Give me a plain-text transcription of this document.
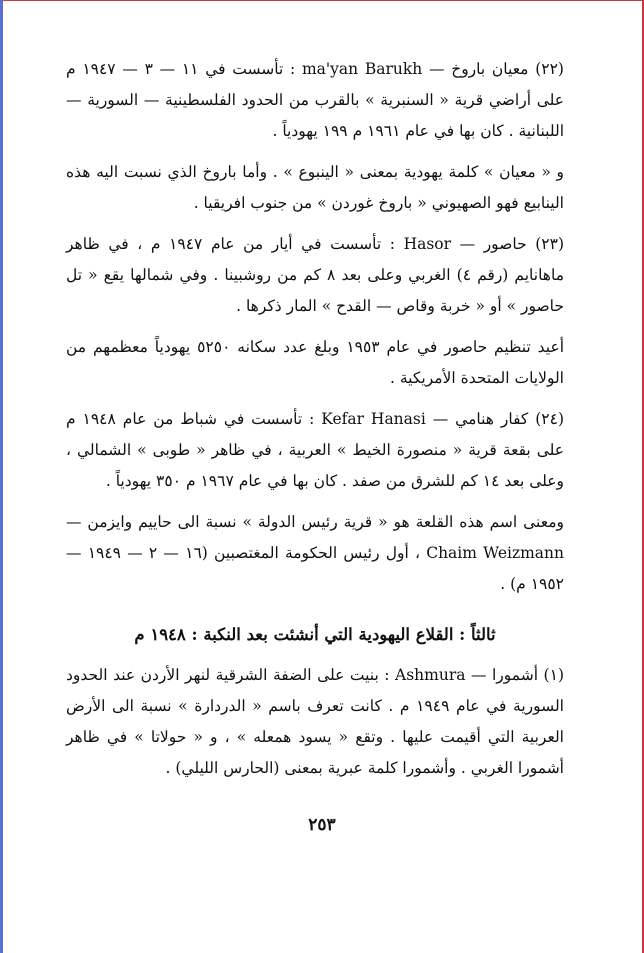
(٢٢) معيان باروخ — ma'yan Barukh : تأسست في ١١ — ٣ — ١٩٤٧ م على أراضي قرية « السنبرية » بالقرب من الحدود الفلسطينية — السورية — اللبنانية . كان بها في عام ١٩٦١ م ١٩٩ يهودياً .

و « معيان » كلمة يهودية بمعنى « الينبوع » . وأما باروخ الذي نسبت اليه هذه الينابيع فهو الصهيوني « باروخ غوردن » من جنوب افريقيا .

(٢٣) حاصور — Hasor : تأسست في أيار من عام ١٩٤٧ م ، في ظاهر ماهانايم (رقم ٤) الغربي وعلى بعد ٨ كم من روشبينا . وفي شمالها يقع « تل حاصور » أو « خربة وقاص — القدح » المار ذكرها .

أعيد تنظيم حاصور في عام ١٩٥٣ وبلغ عدد سكانه ٥٢٥٠ يهودياً معظمهم من الولايات المتحدة الأمريكية .

(٢٤) كفار هنامي — Kefar Hanasi : تأسست في شباط من عام ١٩٤٨ م على بقعة قرية « منصورة الخيط » العربية ، في ظاهر « طوبى » الشمالي ، وعلى بعد ١٤ كم للشرق من صفد . كان بها في عام ١٩٦٧ م ٣٥٠ يهودياً .

ومعنى اسم هذه القلعة هو « قرية رئيس الدولة » نسبة الى حاييم وايزمن — Chaim Weizmann ، أول رئيس الحكومة المغتصبين (١٦ — ٢ — ١٩٤٩ — ١٩٥٢ م) .

ثالثاً : القلاع اليهودية التي أنشئت بعد النكبة : ١٩٤٨ م

(١) أشمورا — Ashmura : بنيت على الضفة الشرقية لنهر الأردن عند الحدود السورية في عام ١٩٤٩ م . كانت تعرف باسم « الدردارة » نسبة الى الأرض العربية التي أقيمت عليها . وتقع « يسود همعله » ، و « حولاتا » في ظاهر أشمورا الغربي . وأشمورا كلمة عبرية بمعنى (الحارس الليلي) .

٢٥٣
